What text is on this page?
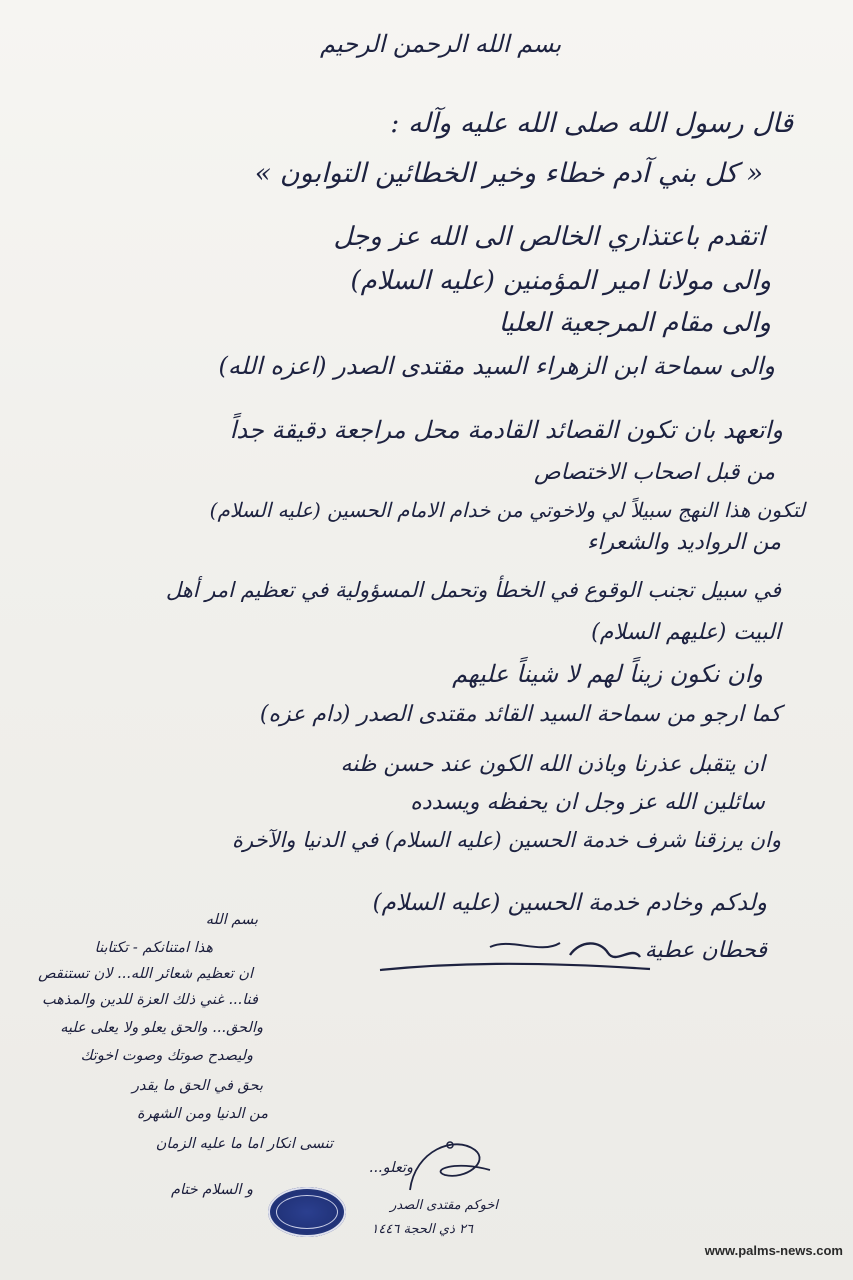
بسم الله الرحمن الرحيم
قال رسول الله صلى الله عليه وآله :
« كل بني آدم خطاء وخير الخطائين التوابون »
اتقدم باعتذاري الخالص الى الله عز وجل
والى مولانا امير المؤمنين (عليه السلام)
والى مقام المرجعية العليا
والى سماحة ابن الزهراء السيد مقتدى الصدر (اعزه الله)
واتعهد بان تكون القصائد القادمة محل مراجعة دقيقة جداً
من قبل اصحاب الاختصاص
لتكون هذا النهج سبيلاً لي ولاخوتي من خدام الامام الحسين (عليه السلام)
من الروادید والشعراء
في سبيل تجنب الوقوع في الخطأ وتحمل المسؤولية في تعظيم امر أهل
البيت (عليهم السلام)
وان نكون زيناً لهم لا شيناً عليهم
كما ارجو من سماحة السيد القائد مقتدى الصدر (دام عزه)
ان يتقبل عذرنا وباذن الله الكون عند حسن ظنه
سائلين الله عز وجل ان يحفظه ويسدده
وان يرزقنا شرف خدمة الحسين (عليه السلام) في الدنيا والآخرة
ولدكم وخادم خدمة الحسين (عليه السلام)
قحطان عطية
بسم الله
هذا امتنانكم - تكتابنا
ان تعظيم شعائر الله... لان تستنقص
فنا... غني ذلك العزة للدين والمذهب
والحق... والحق يعلو ولا يعلى عليه
وليصدح صوتك وصوت اخوتك
بحق في الحق ما يقدر
من الدنيا ومن الشهرة
تنسى انكار اما ما عليه الزمان
وتعلو...
و السلام ختام
اخوكم مقتدى الصدر
٢٦ ذي الحجة ١٤٤٦
www.palms-news.com
